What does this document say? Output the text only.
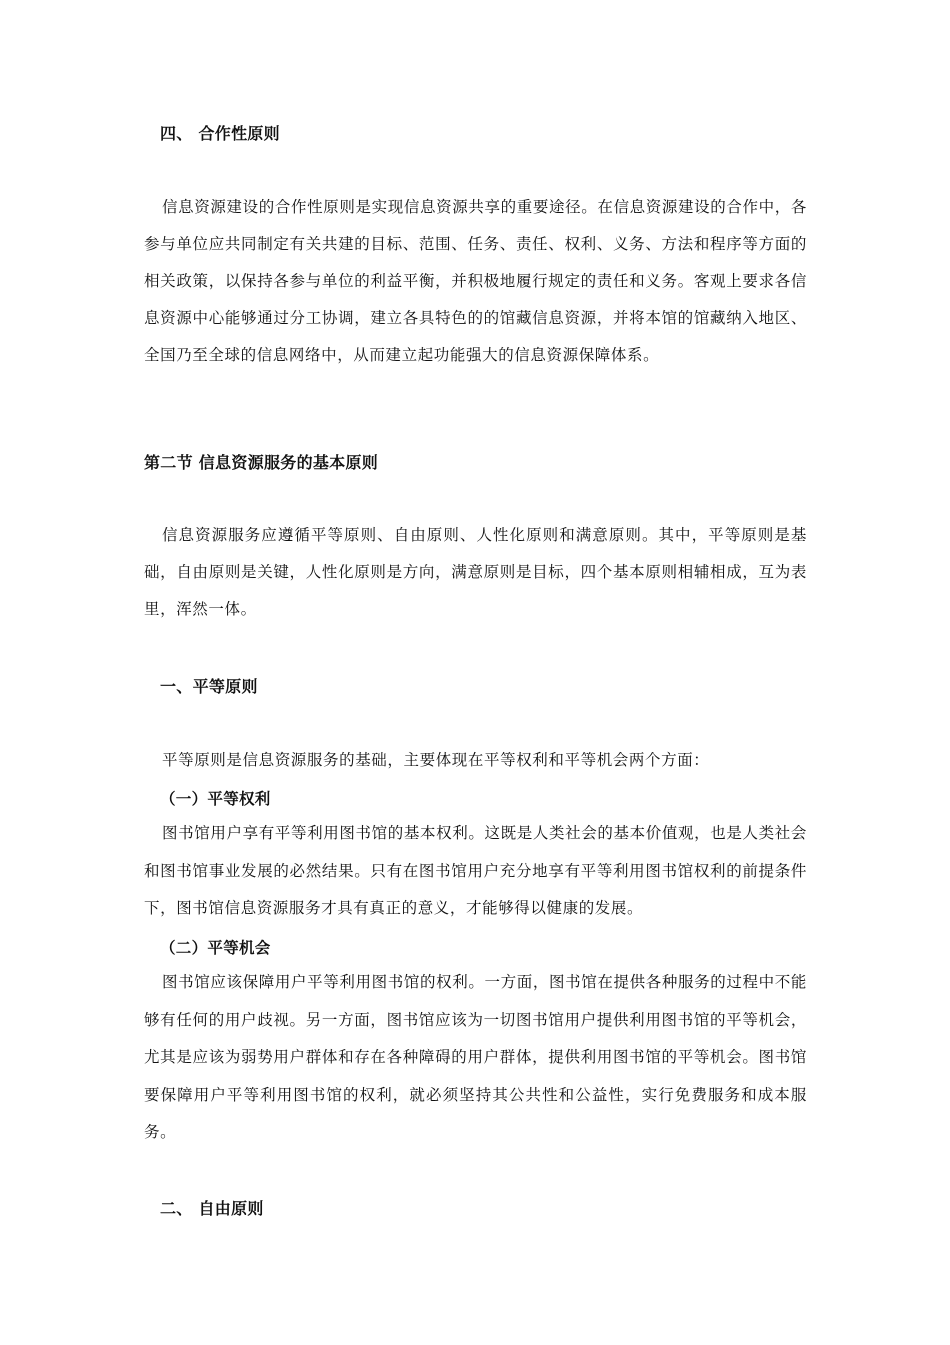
四、 合作性原则
信息资源建设的合作性原则是实现信息资源共享的重要途径。在信息资源建设的合作中，各参与单位应共同制定有关共建的目标、范围、任务、责任、权利、义务、方法和程序等方面的相关政策，以保持各参与单位的利益平衡，并积极地履行规定的责任和义务。客观上要求各信息资源中心能够通过分工协调，建立各具特色的的馆藏信息资源，并将本馆的馆藏纳入地区、全国乃至全球的信息网络中，从而建立起功能强大的信息资源保障体系。
第二节 信息资源服务的基本原则
信息资源服务应遵循平等原则、自由原则、人性化原则和满意原则。其中，平等原则是基础，自由原则是关键，人性化原则是方向，满意原则是目标，四个基本原则相辅相成，互为表里，浑然一体。
一、平等原则
平等原则是信息资源服务的基础，主要体现在平等权利和平等机会两个方面：
（一）平等权利
图书馆用户享有平等利用图书馆的基本权利。这既是人类社会的基本价值观，也是人类社会和图书馆事业发展的必然结果。只有在图书馆用户充分地享有平等利用图书馆权利的前提条件下，图书馆信息资源服务才具有真正的意义，才能够得以健康的发展。
（二）平等机会
图书馆应该保障用户平等利用图书馆的权利。一方面，图书馆在提供各种服务的过程中不能够有任何的用户歧视。另一方面，图书馆应该为一切图书馆用户提供利用图书馆的平等机会，尤其是应该为弱势用户群体和存在各种障碍的用户群体，提供利用图书馆的平等机会。图书馆要保障用户平等利用图书馆的权利，就必须坚持其公共性和公益性，实行免费服务和成本服务。
二、 自由原则
